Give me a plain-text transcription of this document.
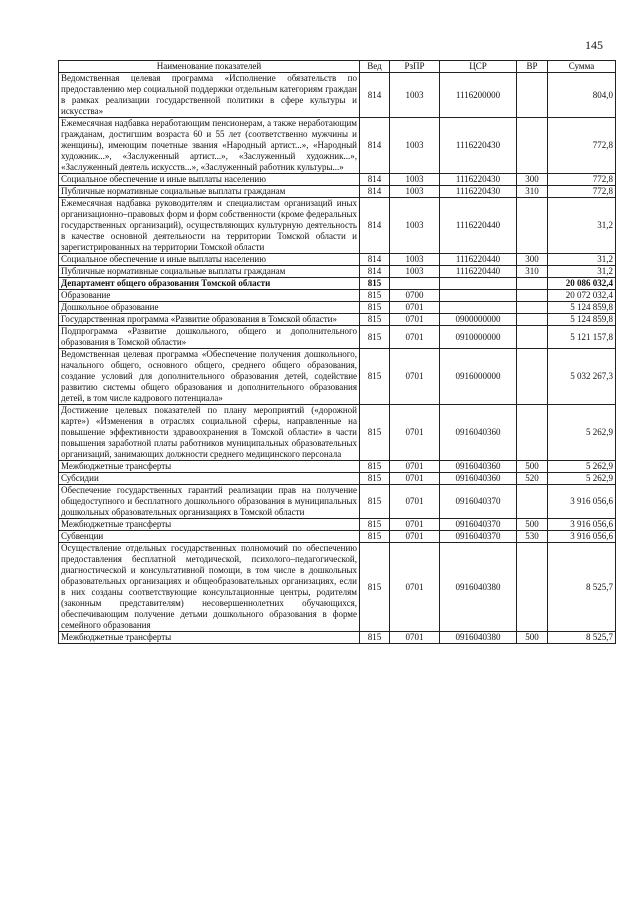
145
Наименование показателей	Вед	РзПР	ЦСР	ВР	Сумма
Ведомственная целевая программа «Исполнение обязательств по предоставлению мер социальной поддержки отдельным категориям граждан в рамках реализации государственной политики в сфере культуры и искусства»	814	1003	1116200000		804,0
Ежемесячная надбавка неработающим пенсионерам, а также неработающим гражданам, достигшим возраста 60 и 55 лет (соответственно мужчины и женщины), имеющим почетные звания «Народный артист...», «Народный художник...», «Заслуженный артист...», «Заслуженный художник...», «Заслуженный деятель искусств...», «Заслуженный работник культуры...»	814	1003	1116220430		772,8
Социальное обеспечение и иные выплаты населению	814	1003	1116220430	300	772,8
Публичные нормативные социальные выплаты гражданам	814	1003	1116220430	310	772,8
Ежемесячная надбавка руководителям и специалистам организаций иных организационно–правовых форм и форм собственности (кроме федеральных государственных организаций), осуществляющих культурную деятельность в качестве основной деятельности на территории Томской области и зарегистрированных на территории Томской области	814	1003	1116220440		31,2
Социальное обеспечение и иные выплаты населению	814	1003	1116220440	300	31,2
Публичные нормативные социальные выплаты гражданам	814	1003	1116220440	310	31,2
Департамент общего образования Томской области	815				20 086 032,4
Образование	815	0700			20 072 032,4
Дошкольное образование	815	0701			5 124 859,8
Государственная программа «Развитие образования в Томской области»	815	0701	0900000000		5 124 859,8
Подпрограмма «Развитие дошкольного, общего и дополнительного образования в Томской области»	815	0701	0910000000		5 121 157,8
Ведомственная целевая программа «Обеспечение получения дошкольного, начального общего, основного общего, среднего общего образования, создание условий для дополнительного образования детей, содействие развитию системы общего образования и дополнительного образования детей, в том числе кадрового потенциала»	815	0701	0916000000		5 032 267,3
Достижение целевых показателей по плану мероприятий («дорожной карте») «Изменения в отраслях социальной сферы, направленные на повышение эффективности здравоохранения в Томской области» в части повышения заработной платы работников муниципальных образовательных организаций, занимающих должности среднего медицинского персонала	815	0701	0916040360		5 262,9
Межбюджетные трансферты	815	0701	0916040360	500	5 262,9
Субсидии	815	0701	0916040360	520	5 262,9
Обеспечение государственных гарантий реализации прав на получение общедоступного и бесплатного дошкольного образования в муниципальных дошкольных образовательных организациях в Томской области	815	0701	0916040370		3 916 056,6
Межбюджетные трансферты	815	0701	0916040370	500	3 916 056,6
Субвенции	815	0701	0916040370	530	3 916 056,6
Осуществление отдельных государственных полномочий по обеспечению предоставления бесплатной методической, психолого–педагогической, диагностической и консультативной помощи, в том числе в дошкольных образовательных организациях и общеобразовательных организациях, если в них созданы соответствующие консультационные центры, родителям (законным представителям) несовершеннолетних обучающихся, обеспечивающим получение детьми дошкольного образования в форме семейного образования	815	0701	0916040380		8 525,7
Межбюджетные трансферты	815	0701	0916040380	500	8 525,7
